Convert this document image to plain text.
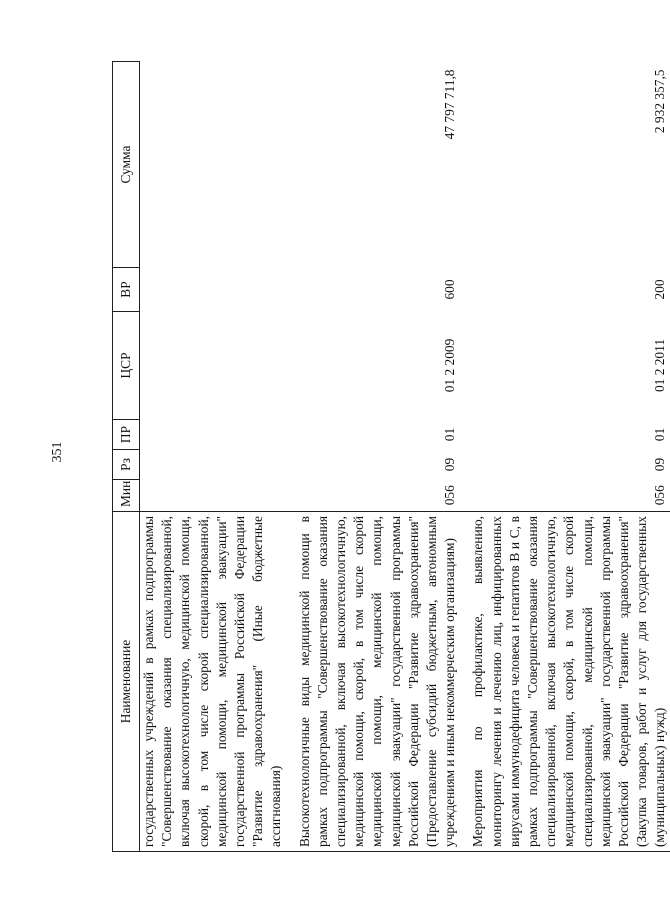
351
Наименование	Мин	Рз	ПР	ЦСР	ВР	Сумма
государственных учреждений в рамках подпрограммы "Совершенствование оказания специализированной, включая высокотехнологичную, медицинской помощи, скорой, в том числе скорой специализированной, медицинской помощи, медицинской эвакуации" государственной программы Российской Федерации "Развитие здравоохранения" (Иные бюджетные ассигнования)						

Высокотехнологичные виды медицинской помощи в рамках подпрограммы "Совершенствование оказания специализированной, включая высокотехнологичную, медицинской помощи, скорой, в том числе скорой медицинской помощи, медицинской помощи, медицинской эвакуации" государственной программы Российской Федерации "Развитие здравоохранения" (Предоставление субсидий бюджетным, автономным учреждениям и иным некоммерческим организациям)	056	09	01	01 2 2009	600	47 797 711,8

Мероприятия по профилактике, выявлению, мониторингу лечения и лечению лиц, инфицированных вирусами иммунодефицита человека и гепатитов В и С, в рамках подпрограммы "Совершенствование оказания специализированной, включая высокотехнологичную, медицинской помощи, скорой, в том числе скорой специализированной, медицинской помощи, медицинской эвакуации" государственной программы Российской Федерации "Развитие здравоохранения" (Закупка товаров, работ и услуг для государственных (муниципальных) нужд)	056	09	01	01 2 2011	200	2 932 357,5
